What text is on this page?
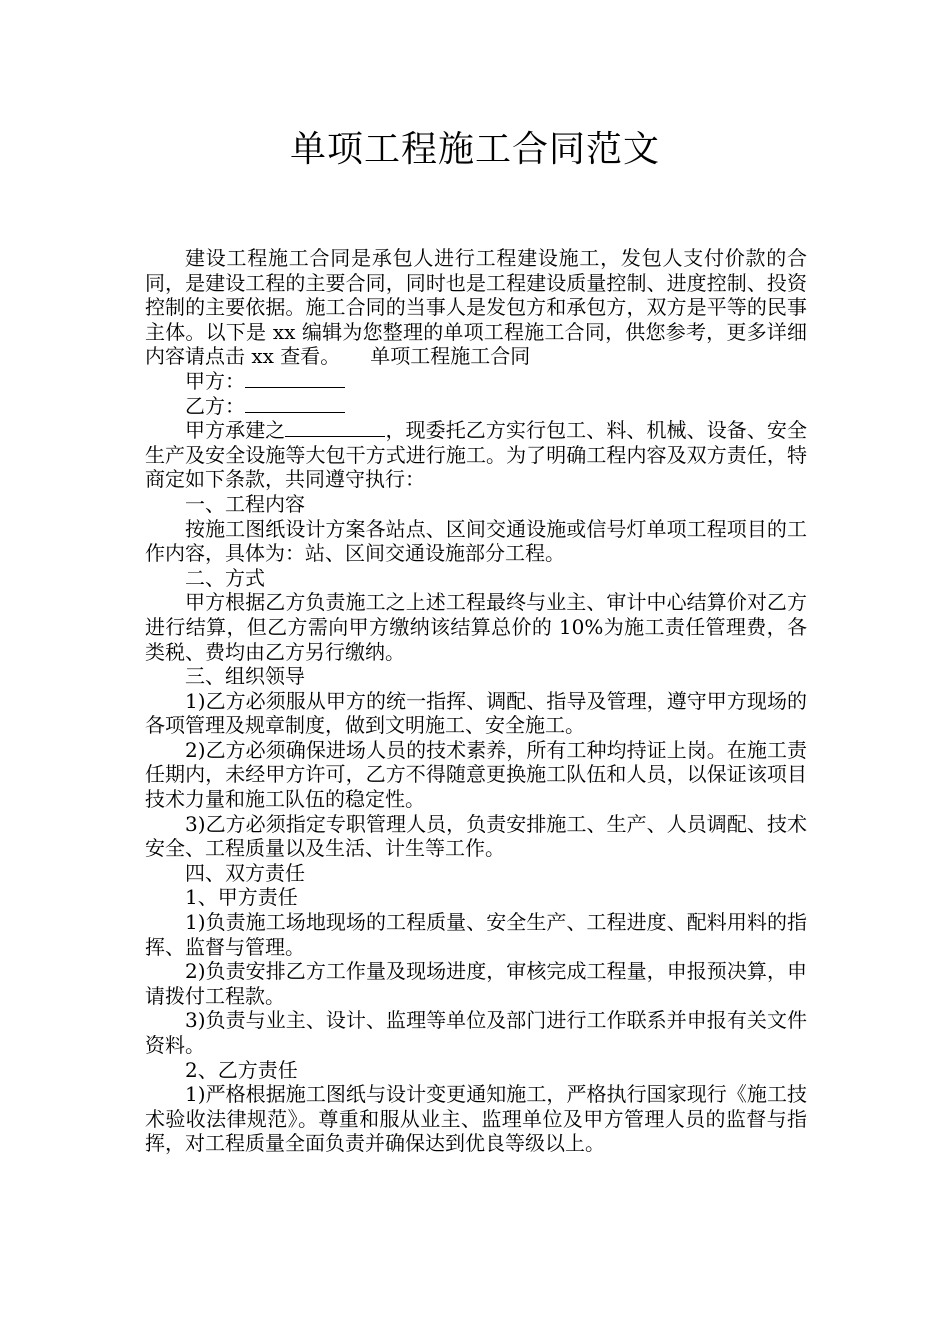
单项工程施工合同范文

建设工程施工合同是承包人进行工程建设施工，发包人支付价款的合同，是建设工程的主要合同，同时也是工程建设质量控制、进度控制、投资控制的主要依据。施工合同的当事人是发包方和承包方，双方是平等的民事主体。以下是 xx 编辑为您整理的单项工程施工合同，供您参考，更多详细内容请点击 xx 查看。　　单项工程施工合同

甲方：

乙方：

甲方承建之	，现委托乙方实行包工、料、机械、设备、安全生产及安全设施等大包干方式进行施工。为了明确工程内容及双方责任，特商定如下条款，共同遵守执行：

一、工程内容

按施工图纸设计方案各站点、区间交通设施或信号灯单项工程项目的工作内容，具体为：站、区间交通设施部分工程。

二、方式

甲方根据乙方负责施工之上述工程最终与业主、审计中心结算价对乙方进行结算，但乙方需向甲方缴纳该结算总价的 10%为施工责任管理费，各类税、费均由乙方另行缴纳。

三、组织领导

1)乙方必须服从甲方的统一指挥、调配、指导及管理，遵守甲方现场的各项管理及规章制度，做到文明施工、安全施工。

2)乙方必须确保进场人员的技术素养，所有工种均持证上岗。在施工责任期内，未经甲方许可，乙方不得随意更换施工队伍和人员，以保证该项目技术力量和施工队伍的稳定性。

3)乙方必须指定专职管理人员，负责安排施工、生产、人员调配、技术安全、工程质量以及生活、计生等工作。

四、双方责任

1、甲方责任

1)负责施工场地现场的工程质量、安全生产、工程进度、配料用料的指挥、监督与管理。

2)负责安排乙方工作量及现场进度，审核完成工程量，申报预决算，申请拨付工程款。

3)负责与业主、设计、监理等单位及部门进行工作联系并申报有关文件资料。

2、乙方责任

1)严格根据施工图纸与设计变更通知施工，严格执行国家现行《施工技术验收法律规范》。尊重和服从业主、监理单位及甲方管理人员的监督与指挥，对工程质量全面负责并确保达到优良等级以上。
